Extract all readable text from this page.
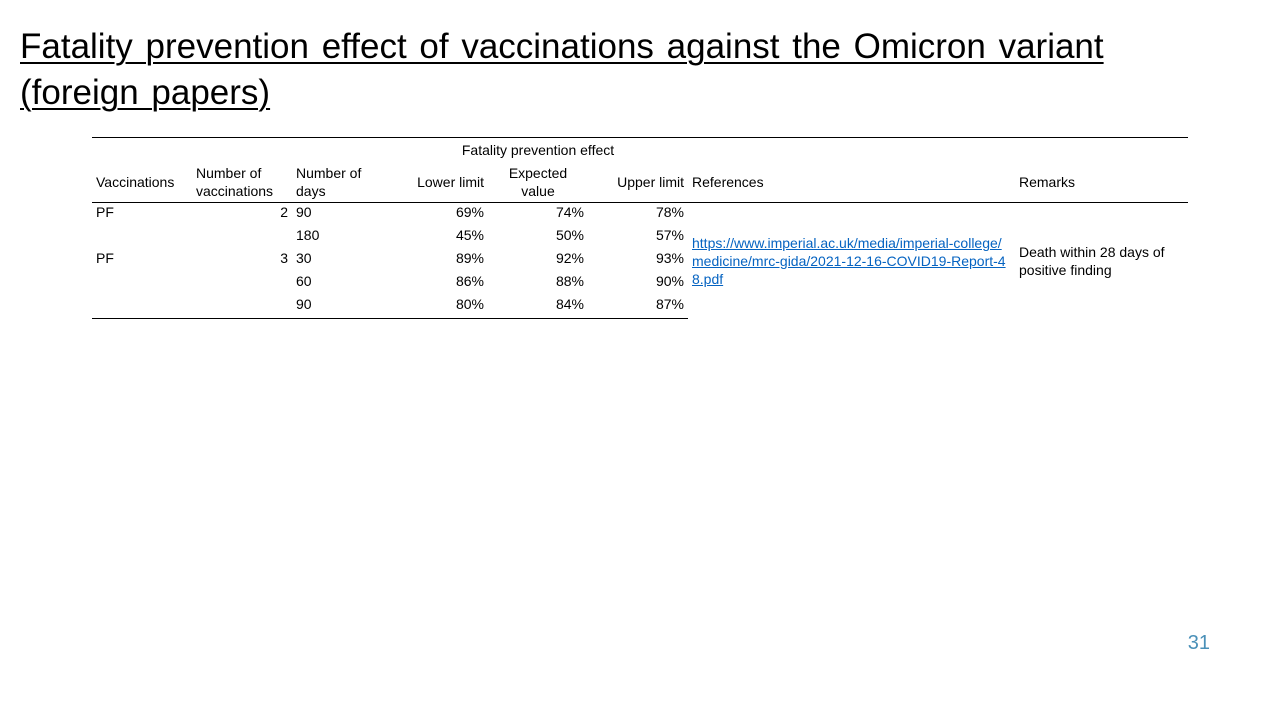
Fatality prevention effect of vaccinations against the Omicron variant (foreign papers)
			Fatality prevention effect				
Vaccinations	Number of vaccinations	Number of days	Lower limit	Expected value	Upper limit	References	Remarks
PF	2	90	69%	74%	78%	https://www.imperial.ac.uk/media/imperial-college/medicine/mrc-gida/2021-12-16-COVID19-Report-48.pdf	Death within 28 days of positive finding
		180	45%	50%	57%		
PF	3	30	89%	92%	93%		
		60	86%	88%	90%		
		90	80%	84%	87%		
31
